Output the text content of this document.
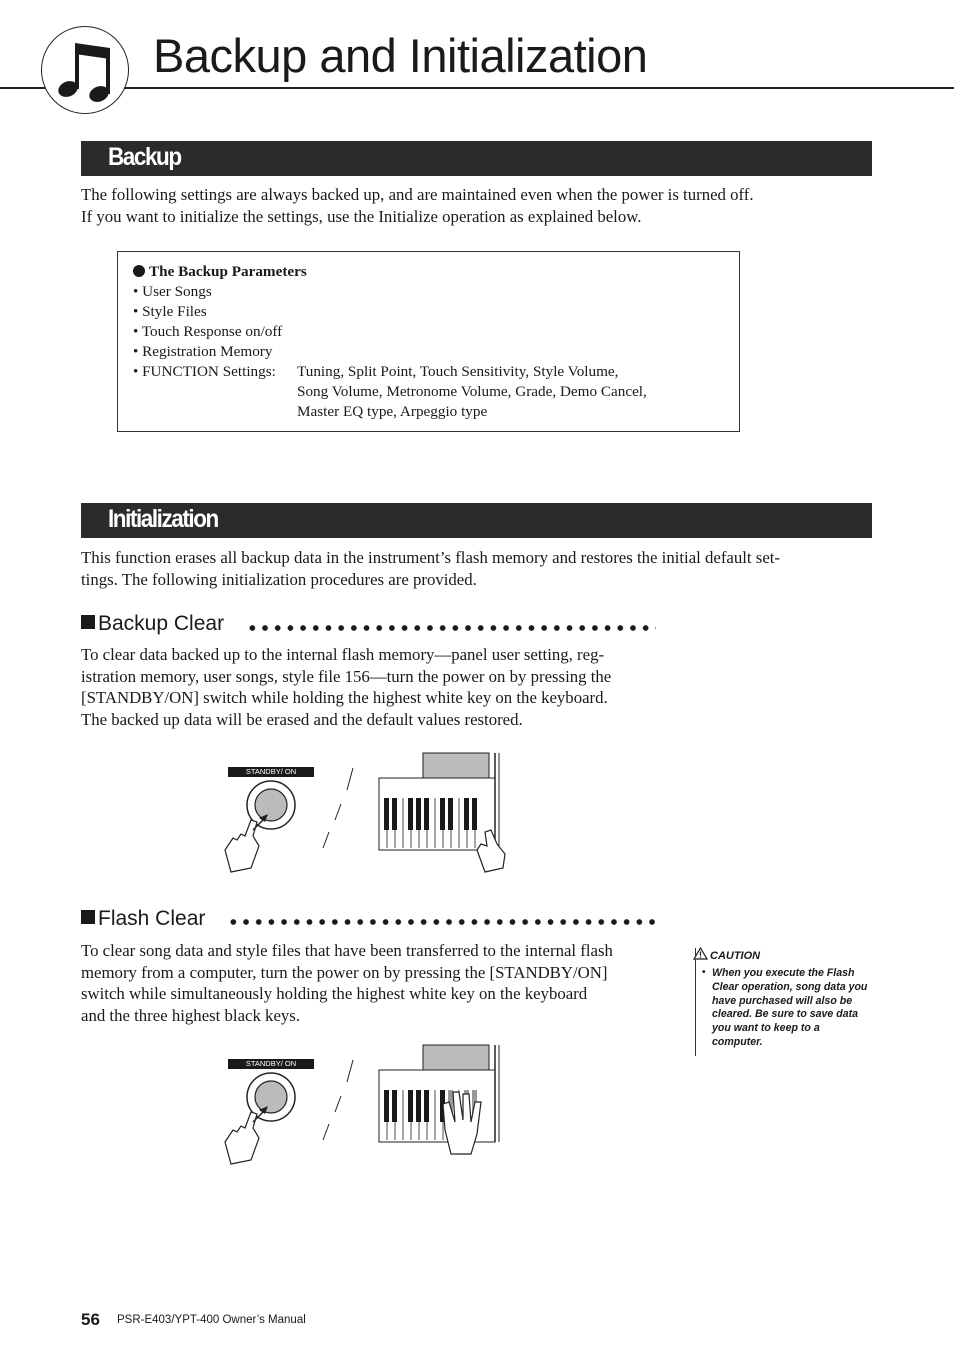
Backup and Initialization
Backup
The following settings are always backed up, and are maintained even when the power is turned off.
If you want to initialize the settings, use the Initialize operation as explained below.
The Backup Parameters
• User Songs
• Style Files
• Touch Response on/off
• Registration Memory
• FUNCTION Settings: Tuning, Split Point, Touch Sensitivity, Style Volume,
Song Volume, Metronome Volume, Grade, Demo Cancel,
Master EQ type, Arpeggio type
Initialization
This function erases all backup data in the instrument’s flash memory and restores the initial default set-
tings. The following initialization procedures are provided.
Backup Clear
To clear data backed up to the internal flash memory—panel user setting, reg-
istration memory, user songs, style file 156—turn the power on by pressing the
[STANDBY/ON] switch while holding the highest white key on the keyboard.
The backed up data will be erased and the default values restored.
STANDBY/ ON
Flash Clear
To clear song data and style files that have been transferred to the internal flash
memory from a computer, turn the power on by pressing the [STANDBY/ON]
switch while simultaneously holding the highest white key on the keyboard
and the three highest black keys.
STANDBY/ ON
CAUTION
• When you execute the Flash Clear operation, song data you have purchased will also be cleared. Be sure to save data you want to keep to a computer.
56 PSR-E403/YPT-400 Owner’s Manual
